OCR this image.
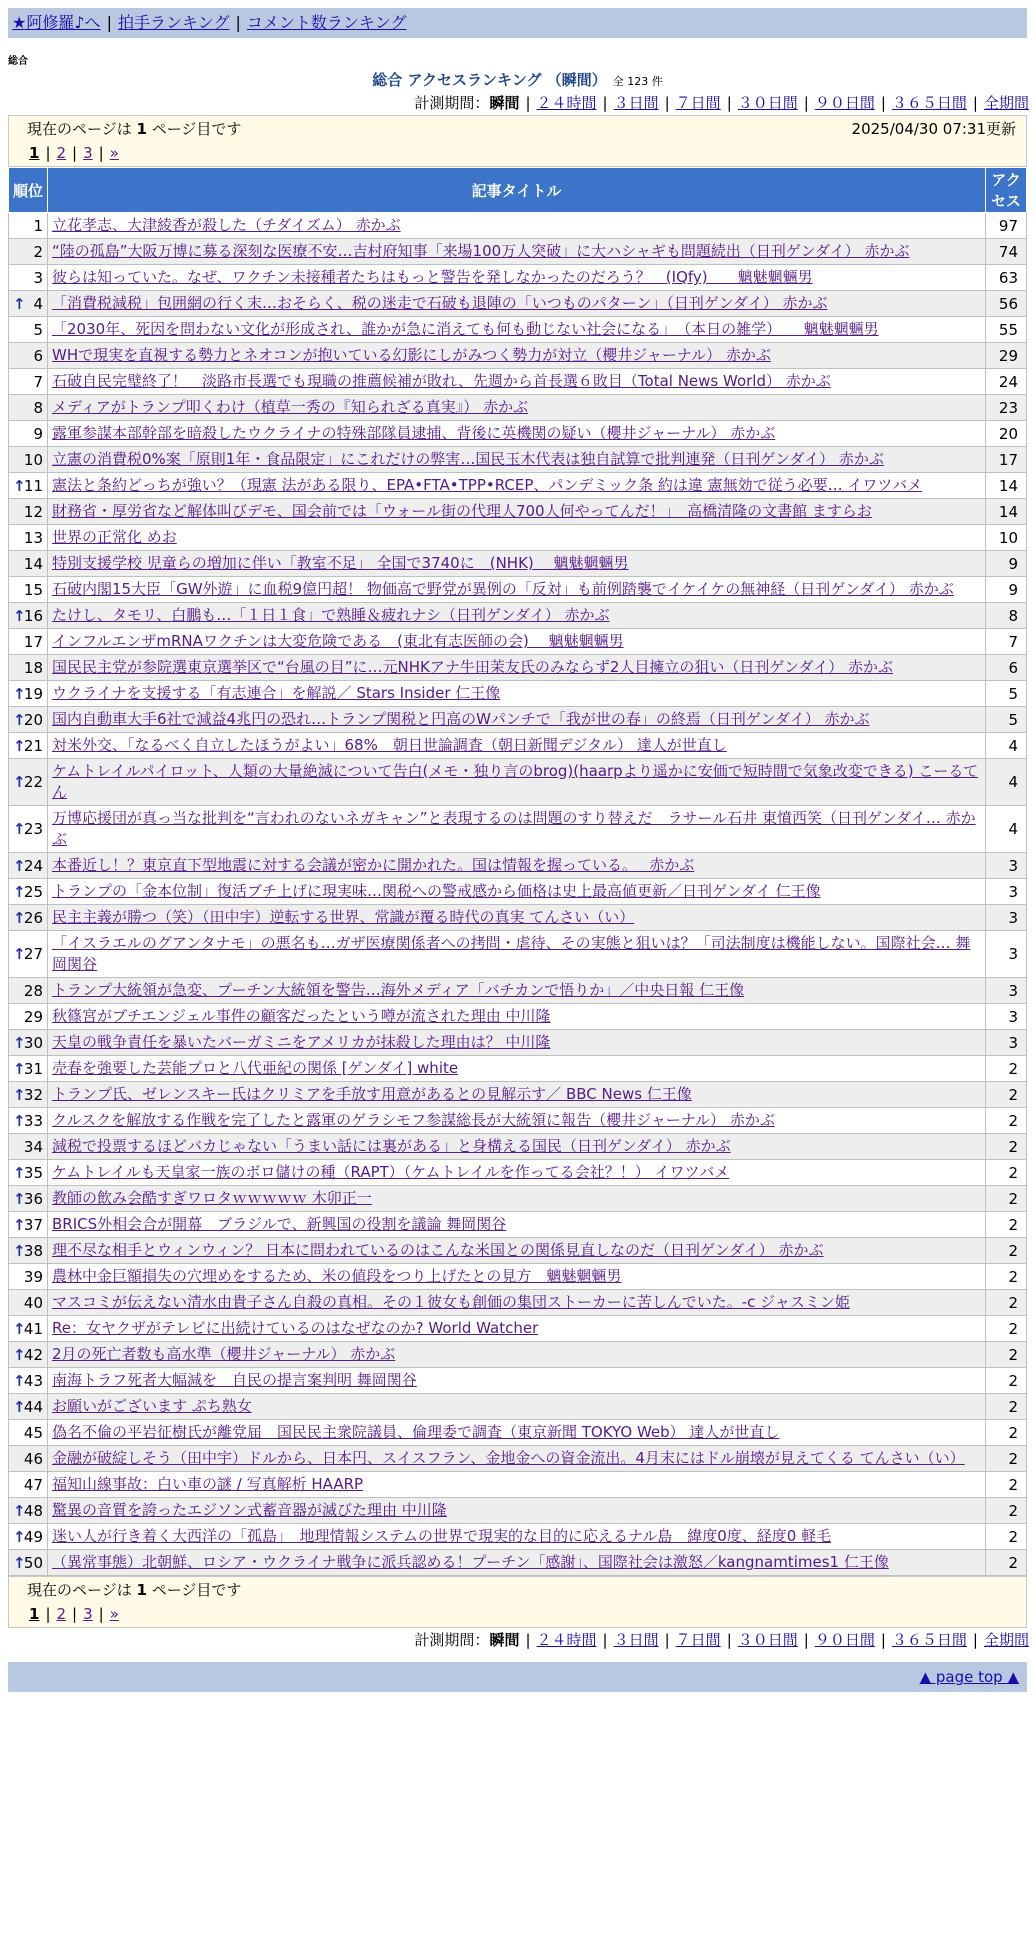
★阿修羅♪へ | 拍手ランキング | コメント数ランキング
総合
総合 アクセスランキング （瞬間） 全 123 件
計測期間：瞬間 | ２４時間 | ３日間 | ７日間 | ３０日間 | ９０日間 | ３６５日間 | 全期間
現在のページは 1 ページ目です	2025/04/30 07:31更新
1 | 2 | 3 | »
順位	記事タイトル	アクセス
1	立花孝志、大津綾香が殺した（チダイズム） 赤かぶ	97
2	“陸の孤島”大阪万博に募る深刻な医療不安…吉村府知事「来場100万人突破」に大ハシャギも問題続出（日刊ゲンダイ） 赤かぶ	74
3	彼らは知っていた。なぜ、ワクチン未接種者たちはもっと警告を発しなかったのだろう？　(IQfy)　　魑魅魍魎男	63

↑ 4	「消費税減税」包囲網の行く末…おそらく、税の迷走で石破も退陣の「いつものパターン」（日刊ゲンダイ） 赤かぶ	56
5	「2030年、死因を問わない文化が形成され、誰かが急に消えても何も動じない社会になる」　（本日の雑学）　　魑魅魍魎男	55
6	WHで現実を直視する勢力とネオコンが抱いている幻影にしがみつく勢力が対立（櫻井ジャーナル） 赤かぶ	29
7	石破自民完璧終了！　淡路市長選でも現職の推薦候補が敗れ、先週から首長選６敗目（Total News World） 赤かぶ	24
8	メディアがトランプ叩くわけ（植草一秀の『知られざる真実』） 赤かぶ	23
9	露軍参謀本部幹部を暗殺したウクライナの特殊部隊員逮捕、背後に英機関の疑い（櫻井ジャーナル） 赤かぶ	20
10	立憲の消費税0%案「原則1年・食品限定」にこれだけの弊害…国民玉木代表は独自試算で批判連発（日刊ゲンダイ） 赤かぶ	17

↑
11	憲法と条約どっちが強い？（現憲 法がある限り、EPA•FTA•TPP•RCEP、パンデミック条 約は違 憲無効で従う必要… イワツバメ	14
12	財務省・厚労省など解体叫びデモ、国会前では「ウォール街の代理人700人何やってんだ！」　高橋清隆の文書館 ますらお	14
13	世界の正常化 めお	10
14	特別支援学校 児童らの増加に伴い「教室不足」 全国で3740に　(NHK)　 魑魅魍魎男	9
15	石破内閣15大臣「GW外遊」に血税9億円超！ 物価高で野党が異例の「反対」も前例踏襲でイケイケの無神経（日刊ゲンダイ） 赤かぶ	9

↑
16	たけし、タモリ、白鵬も…「１日１食」で熟睡＆疲れナシ（日刊ゲンダイ） 赤かぶ	8
17	インフルエンザmRNAワクチンは大変危険である　(東北有志医師の会)　 魑魅魍魎男	7
18	国民民主党が参院選東京選挙区で“台風の目”に…元NHKアナ牛田茉友氏のみならず2人目擁立の狙い（日刊ゲンダイ） 赤かぶ	6

↑
19	ウクライナを支援する「有志連合」を解説／ Stars Insider 仁王像	5

↑
20	国内自動車大手6社で減益4兆円の恐れ…トランプ関税と円高のWパンチで「我が世の春」の終焉（日刊ゲンダイ） 赤かぶ	5

↑
21	対米外交、「なるべく自立したほうがよい」68%　朝日世論調査（朝日新聞デジタル） 達人が世直し	4

↑
22	ケムトレイルパイロット、人類の大量絶滅について告白(メモ・独り言のbrog)(haarpより遥かに安価で短時間で気象改変できる) こーるてん	4

↑
23	万博応援団が真っ当な批判を“言われのないネガキャン”と表現するのは問題のすり替えだ　ラサール石井 東憤西笑（日刊ゲンダイ… 赤かぶ	4

↑
24	本番近し！？東京直下型地震に対する会議が密かに開かれた。国は情報を握っている。　 赤かぶ	3

↑
25	トランプの「金本位制」復活ブチ上げに現実味…関税への警戒感から価格は史上最高値更新／日刊ゲンダイ 仁王像	3

↑
26	民主主義が勝つ（笑）（田中宇）逆転する世界、常識が覆る時代の真実 てんさい（い）	3

↑
27	「イスラエルのグアンタナモ」の悪名も…ガザ医療関係者への拷問・虐待、その実態と狙いは？「司法制度は機能しない。国際社会… 舞岡関谷	3
28	トランプ大統領が急変、プーチン大統領を警告…海外メディア「バチカンで悟りか」／中央日報 仁王像	3
29	秋篠宮がブチエンジェル事件の顧客だったという噂が流された理由 中川隆	3

↑
30	天皇の戦争責任を暴いたバーガミニをアメリカが抹殺した理由は？ 中川隆	3

↑
31	売春を強要した芸能プロと八代亜紀の関係 [ゲンダイ] white	2

↑
32	トランプ氏、ゼレンスキー氏はクリミアを手放す用意があるとの見解示す／ BBC News 仁王像	2

↑
33	クルスクを解放する作戦を完了したと露軍のゲラシモフ参謀総長が大統領に報告（櫻井ジャーナル） 赤かぶ	2
34	減税で投票するほどバカじゃない「うまい話には裏がある」と身構える国民（日刊ゲンダイ） 赤かぶ	2

↑
35	ケムトレイルも天皇家一族のボロ儲けの種（RAPT）（ケムトレイルを作ってる会社？！） イワツバメ	2

↑
36	教師の飲み会酷すぎワロタｗｗｗｗｗ 木卯正一	2

↑
37	BRICS外相会合が開幕　ブラジルで、新興国の役割を議論 舞岡関谷	2

↑
38	理不尽な相手とウィンウィン？ 日本に問われているのはこんな米国との関係見直しなのだ（日刊ゲンダイ） 赤かぶ	2
39	農林中金巨額損失の穴埋めをするため、米の値段をつり上げたとの見方　魑魅魍魎男	2
40	マスコミが伝えない清水由貴子さん自殺の真相。その１彼女も創価の集団ストーカーに苦しんでいた。-c ジャスミン姫	2

↑
41	Re：女ヤクザがテレビに出続けているのはなぜなのか? World Watcher	2

↑
42	2月の死亡者数も高水準（櫻井ジャーナル） 赤かぶ	2

↑
43	南海トラフ死者大幅減を　自民の提言案判明 舞岡関谷	2

↑
44	お願いがございます ぷち熟女	2
45	偽名不倫の平岩征樹氏が離党届　国民民主衆院議員、倫理委で調査（東京新聞 TOKYO Web） 達人が世直し	2
46	金融が破綻しそう（田中宇）ドルから、日本円、スイスフラン、金地金への資金流出。4月末にはドル崩壊が見えてくる てんさい（い）	2
47	福知山線事故：白い車の謎 / 写真解析 HAARP	2

↑
48	驚異の音質を誇ったエジソン式蓄音器が滅びた理由 中川隆	2

↑
49	迷い人が行き着く大西洋の「孤島」　地理情報システムの世界で現実的な目的に応えるナル島　緯度0度、経度0 軽毛	2

↑
50	（異常事態）北朝鮮、ロシア・ウクライナ戦争に派兵認める！プーチン「感謝」、国際社会は激怒／kangnamtimes1 仁王像	2
現在のページは 1 ページ目です
1 | 2 | 3 | »
計測期間：瞬間 | ２４時間 | ３日間 | ７日間 | ３０日間 | ９０日間 | ３６５日間 | 全期間
▲ page top ▲
